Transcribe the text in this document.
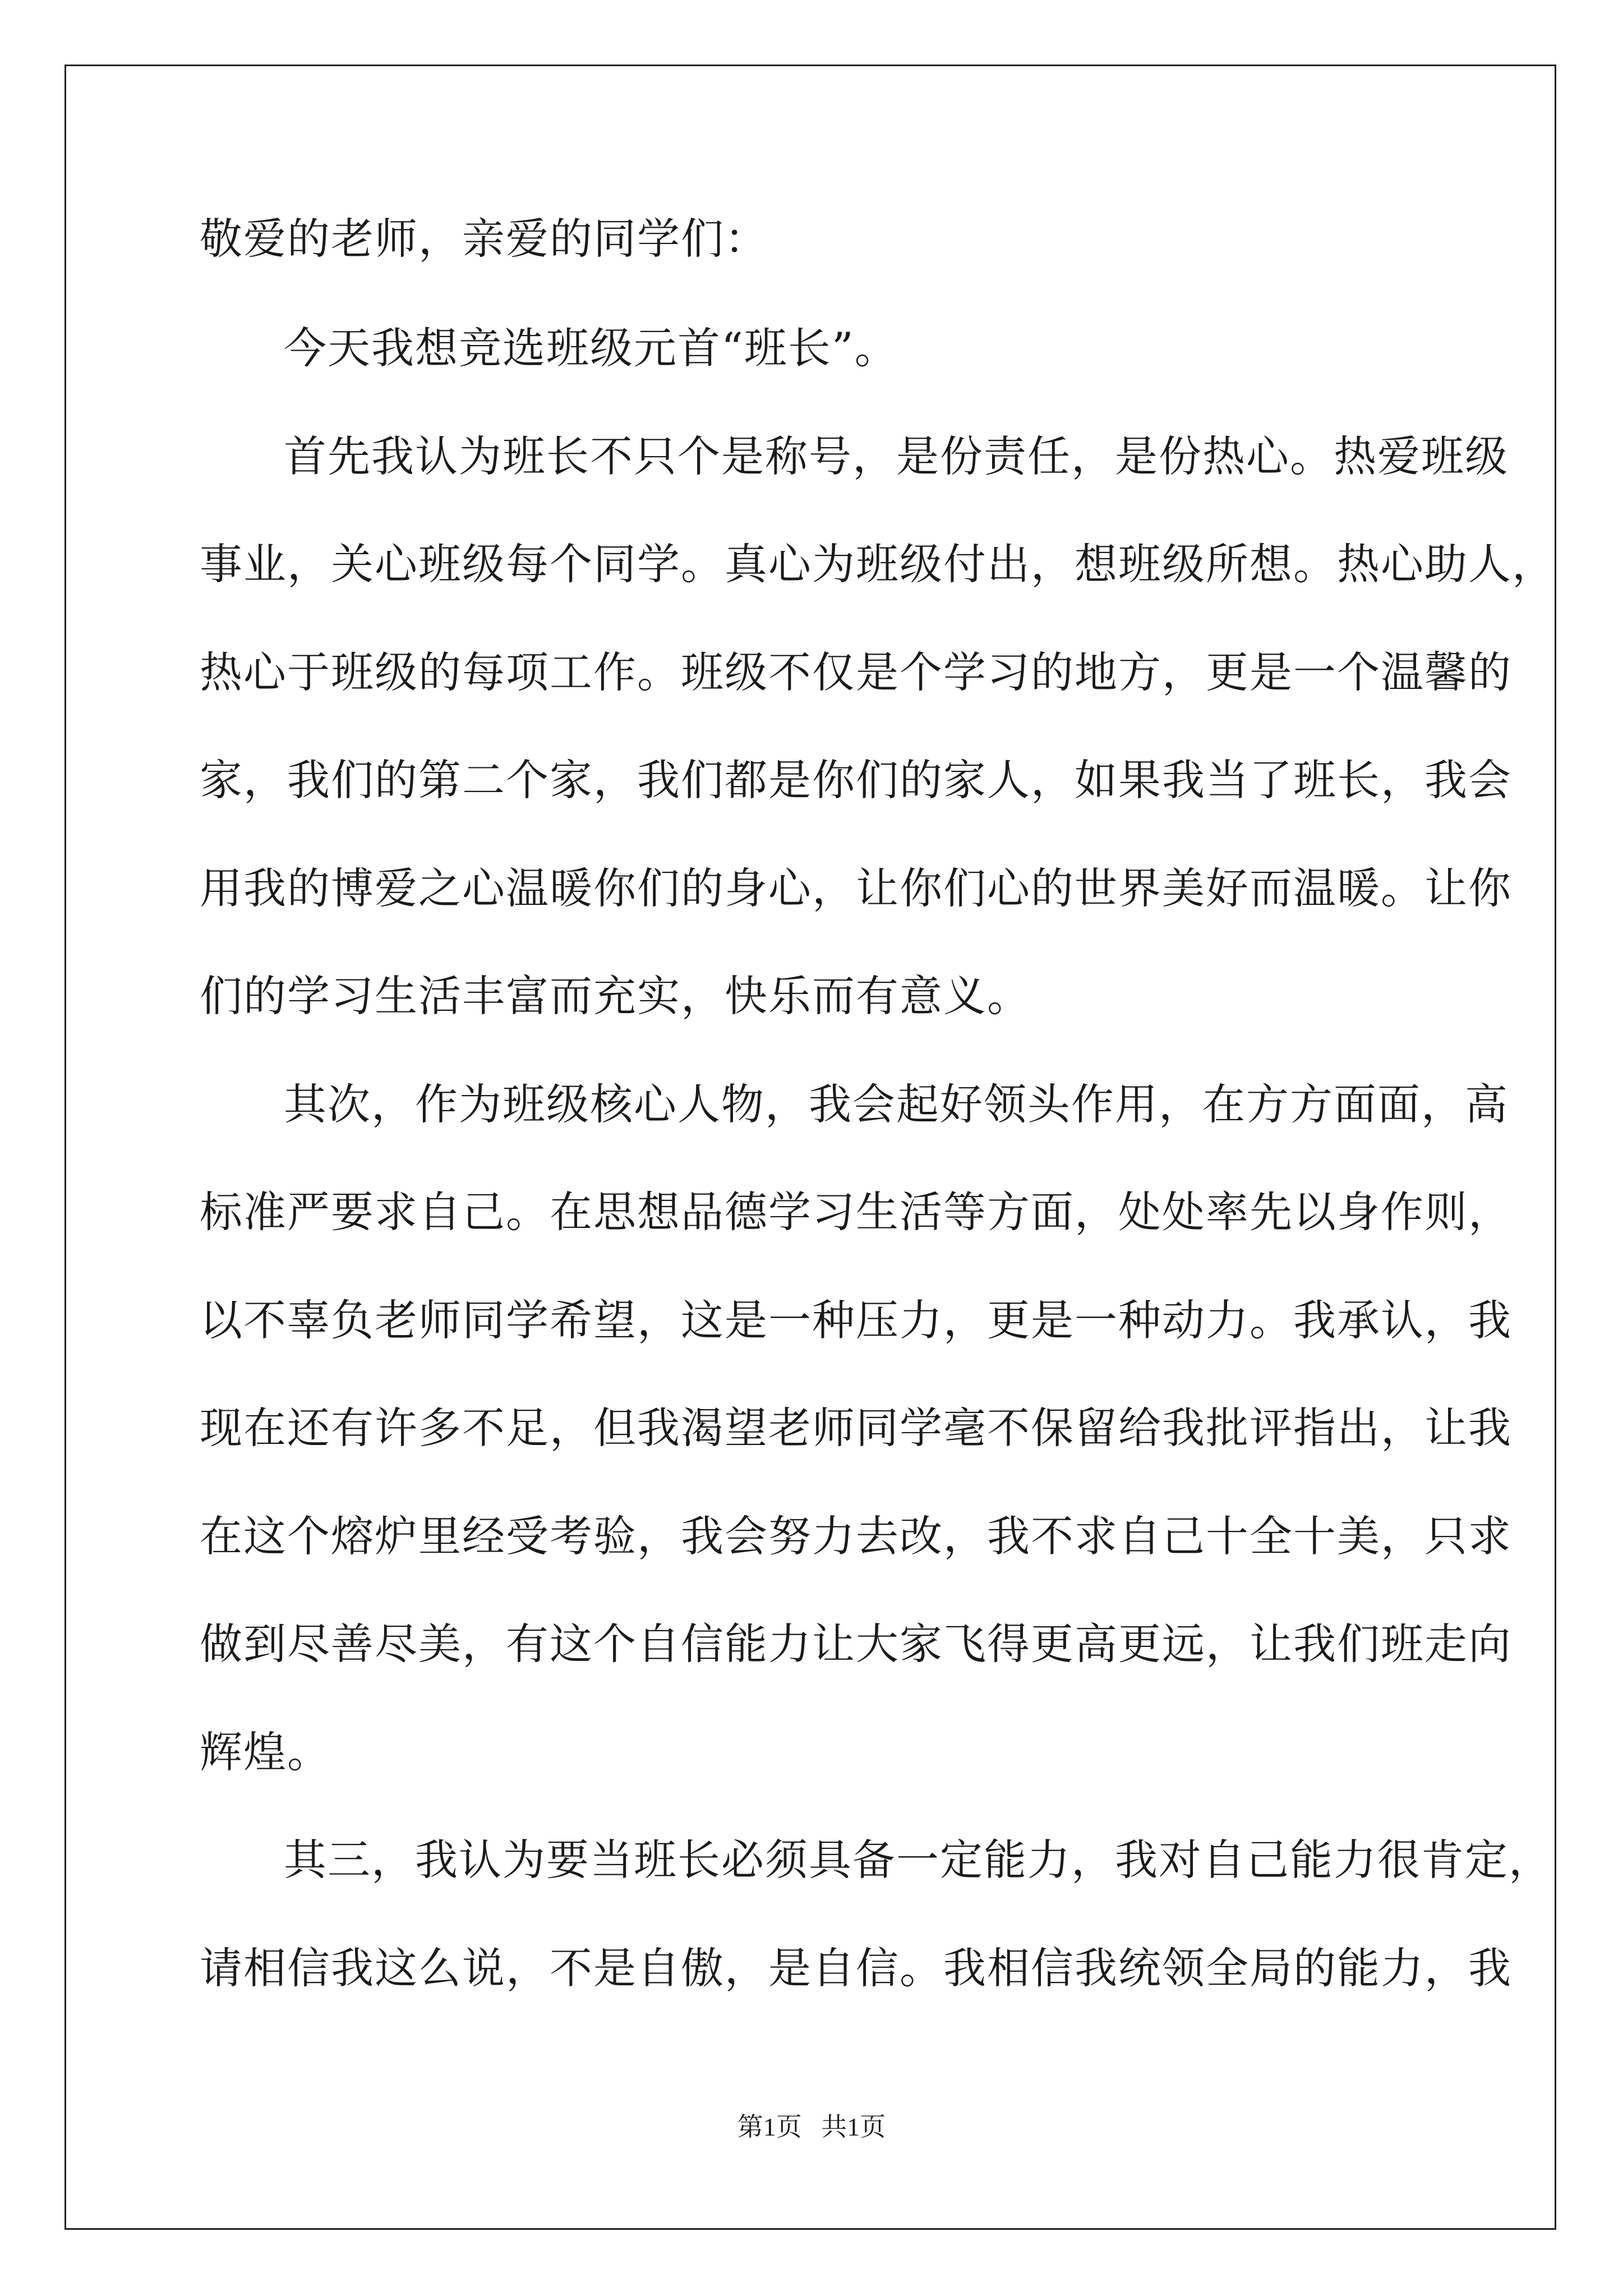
敬爱的老师，亲爱的同学们：
今天我想竞选班级元首“班长”。
首先我认为班长不只个是称号，是份责任，是份热心。热爱班级
事业，关心班级每个同学。真心为班级付出，想班级所想。热心助人，
热心于班级的每项工作。班级不仅是个学习的地方，更是一个温馨的
家，我们的第二个家，我们都是你们的家人，如果我当了班长，我会
用我的博爱之心温暖你们的身心，让你们心的世界美好而温暖。让你
们的学习生活丰富而充实，快乐而有意义。
其次，作为班级核心人物，我会起好领头作用，在方方面面，高
标准严要求自己。在思想品德学习生活等方面，处处率先以身作则，
以不辜负老师同学希望，这是一种压力，更是一种动力。我承认，我
现在还有许多不足，但我渴望老师同学毫不保留给我批评指出，让我
在这个熔炉里经受考验，我会努力去改，我不求自己十全十美，只求
做到尽善尽美，有这个自信能力让大家飞得更高更远，让我们班走向
辉煌。
其三，我认为要当班长必须具备一定能力，我对自己能力很肯定，
请相信我这么说，不是自傲，是自信。我相信我统领全局的能力，我
第1页   共1页
